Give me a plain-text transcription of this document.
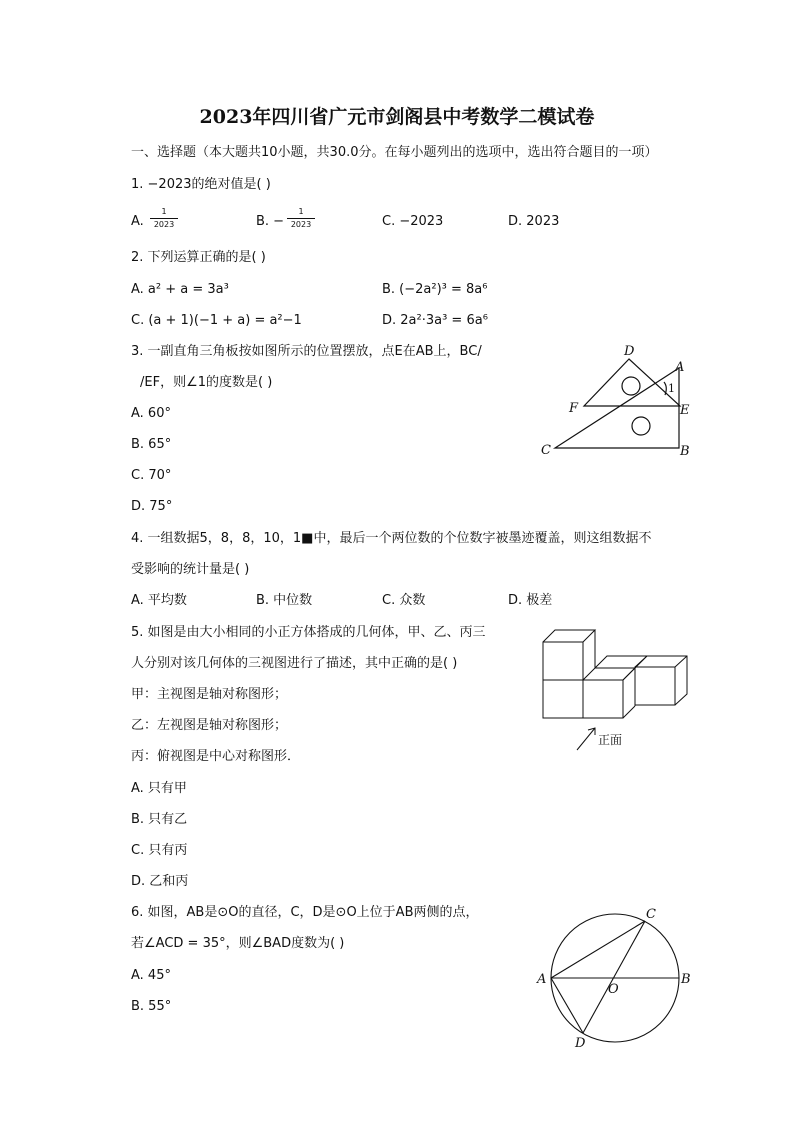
2023年四川省广元市剑阁县中考数学二模试卷
一、选择题（本大题共10小题，共30.0分。在每小题列出的选项中，选出符合题目的一项）
1. −2023的绝对值是( )
A.
1
2023	B. −
1
2023	C. −2023	D. 2023
2. 下列运算正确的是( )
A. a² + a = 3a³	B. (−2a²)³ = 8a⁶
C. (a + 1)(−1 + a) = a²−1	D. 2a²·3a³ = 6a⁶
3. 一副直角三角板按如图所示的位置摆放，点E在AB上，BC/
/EF，则∠1的度数是( )
A. 60°
B. 65°
C. 70°
D. 75°
D
A
1
F	E
C	B
4. 一组数据5，8，8，10，1■中，最后一个两位数的个位数字被墨迹覆盖，则这组数据不
受影响的统计量是( )
A. 平均数	B. 中位数	C. 众数	D. 极差
5. 如图是由大小相同的小正方体搭成的几何体，甲、乙、丙三
人分别对该几何体的三视图进行了描述，其中正确的是( )
甲：主视图是轴对称图形；
乙：左视图是轴对称图形；
丙：俯视图是中心对称图形．
A. 只有甲
B. 只有乙
C. 只有丙
D. 乙和丙
正面
6. 如图，AB是⊙O的直径，C，D是⊙O上位于AB两侧的点，
若∠ACD = 35°，则∠BAD度数为( )
A. 45°
B. 55°
A	B
C
D
O
